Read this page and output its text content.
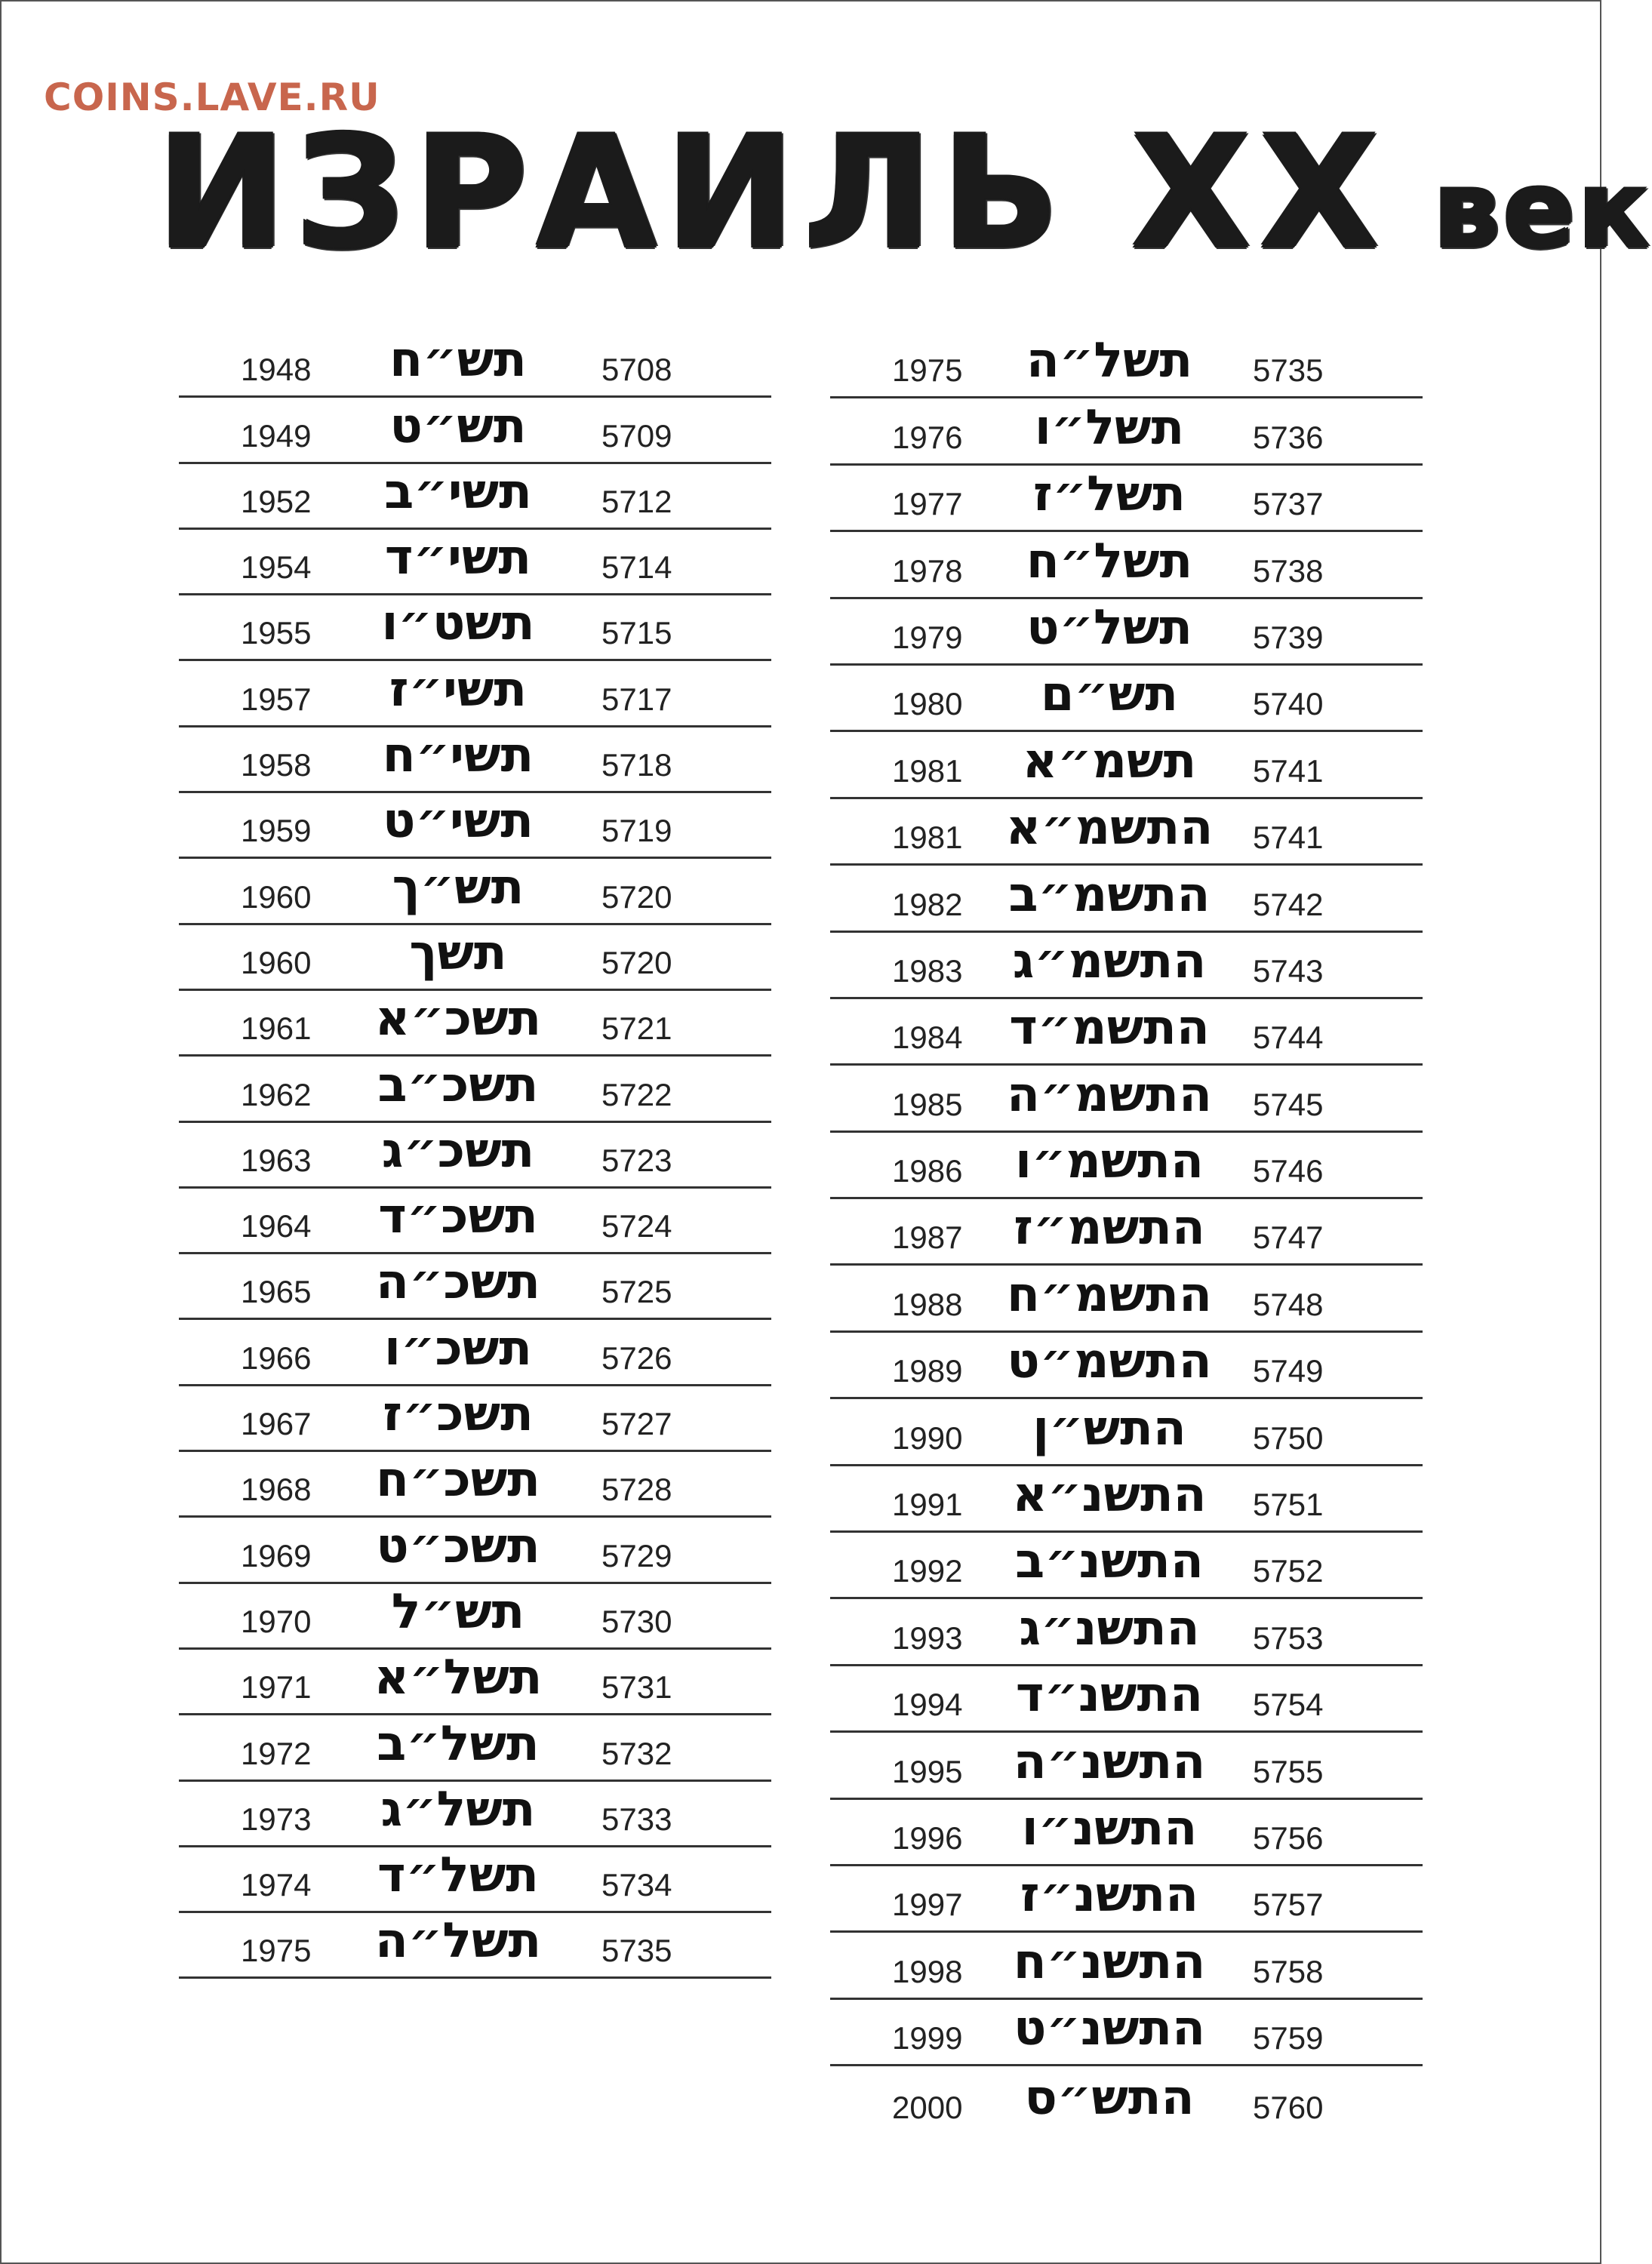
COINS.LAVE.RU
ИЗРАИЛЬ XX век
1948	תש״ח	5708
1949	תש״ט	5709
1952	תשי״ב	5712
1954	תשי״ד	5714
1955	תשט״ו	5715
1957	תשי״ז	5717
1958	תשי״ח	5718
1959	תשי״ט	5719
1960	תש״ך	5720
1960	תשך	5720
1961	תשכ״א	5721
1962	תשכ״ב	5722
1963	תשכ״ג	5723
1964	תשכ״ד	5724
1965	תשכ״ה	5725
1966	תשכ״ו	5726
1967	תשכ״ז	5727
1968	תשכ״ח	5728
1969	תשכ״ט	5729
1970	תש״ל	5730
1971	תשל״א	5731
1972	תשל״ב	5732
1973	תשל״ג	5733
1974	תשל״ד	5734
1975	תשל״ה	5735
1975	תשל״ה	5735
1976	תשל״ו	5736
1977	תשל״ז	5737
1978	תשל״ח	5738
1979	תשל״ט	5739
1980	תש״ם	5740
1981	תשמ״א	5741
1981 התשמ״א	5741
1982 התשמ״ב	5742
1983	התשמ״ג	5743
1984 התשמ״ד	5744
1985 התשמ״ה	5745
1986	התשמ״ו	5746
1987	התשמ״ז	5747
1988 התשמ״ח	5748
1989 התשמ״ט	5749
1990	התש״ן	5750
1991	התשנ״א	5751
1992	התשנ״ב	5752
1993	התשנ״ג	5753
1994	התשנ״ד	5754
1995	התשנ״ה	5755
1996	התשנ״ו	5756
1997	התשנ״ז	5757
1998	התשנ״ח	5758
1999	התשנ״ט	5759
2000	התש״ס	5760
